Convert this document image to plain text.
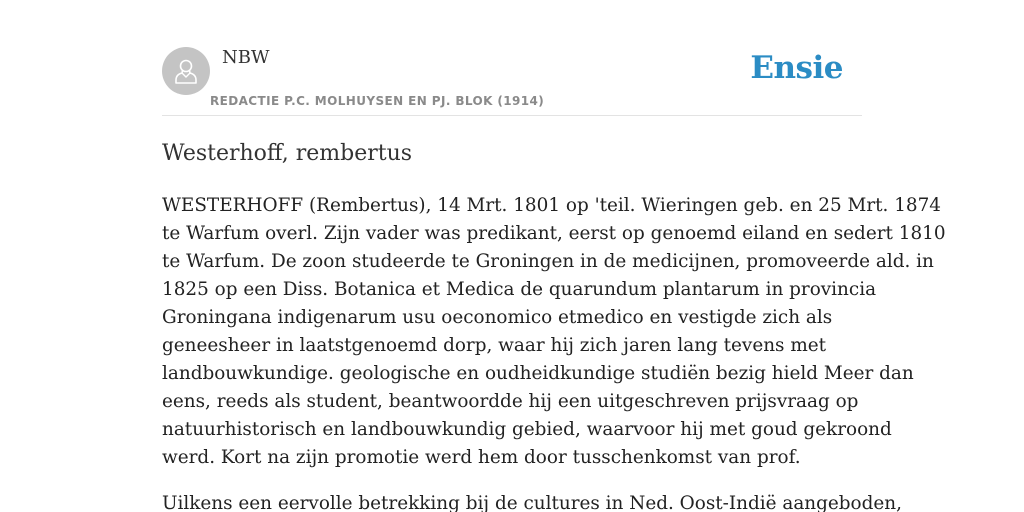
NBW
REDACTIE P.C. MOLHUYSEN EN PJ. BLOK (1914)
Ensie
Westerhoff, rembertus

WESTERHOFF (Rembertus), 14 Mrt. 1801 op 'teil. Wieringen geb. en 25 Mrt. 1874
te Warfum overl. Zijn vader was predikant, eerst op genoemd eiland en sedert 1810
te Warfum. De zoon studeerde te Groningen in de medicijnen, promoveerde ald. in
1825 op een Diss. Botanica et Medica de quarundum plantarum in provincia
Groningana indigenarum usu oeconomico etmedico en vestigde zich als
geneesheer in laatstgenoemd dorp, waar hij zich jaren lang tevens met
landbouwkundige. geologische en oudheidkundige studiën bezig hield Meer dan
eens, reeds als student, beantwoordde hij een uitgeschreven prijsvraag op
natuurhistorisch en landbouwkundig gebied, waarvoor hij met goud gekroond
werd. Kort na zijn promotie werd hem door tusschenkomst van prof.

Uilkens een eervolle betrekking bij de cultures in Ned. Oost-Indië aangeboden,
